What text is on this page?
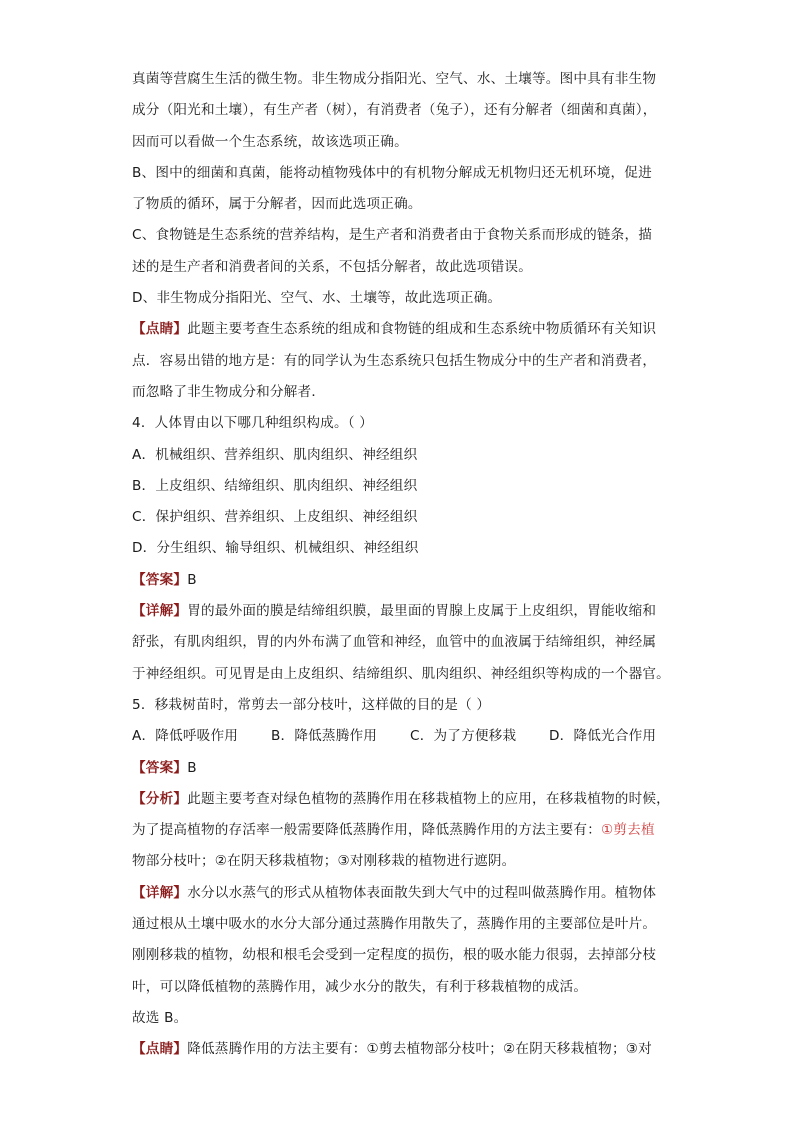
真菌等营腐生生活的微生物。非生物成分指阳光、空气、水、土壤等。图中具有非生物
成分（阳光和土壤），有生产者（树），有消费者（兔子），还有分解者（细菌和真菌），
因而可以看做一个生态系统，故该选项正确。
B、图中的细菌和真菌，能将动植物残体中的有机物分解成无机物归还无机环境，促进
了物质的循环，属于分解者，因而此选项正确。
C、食物链是生态系统的营养结构，是生产者和消费者由于食物关系而形成的链条，描
述的是生产者和消费者间的关系，不包括分解者，故此选项错误。
D、非生物成分指阳光、空气、水、土壤等，故此选项正确。
【点睛】此题主要考查生态系统的组成和食物链的组成和生态系统中物质循环有关知识
点．容易出错的地方是：有的同学认为生态系统只包括生物成分中的生产者和消费者，
而忽略了非生物成分和分解者．
4．人体胃由以下哪几种组织构成。（ ）
A．机械组织、营养组织、肌肉组织、神经组织
B．上皮组织、结缔组织、肌肉组织、神经组织
C．保护组织、营养组织、上皮组织、神经组织
D．分生组织、输导组织、机械组织、神经组织
【答案】B
【详解】胃的最外面的膜是结缔组织膜，最里面的胃腺上皮属于上皮组织，胃能收缩和
舒张，有肌肉组织，胃的内外布满了血管和神经，血管中的血液属于结缔组织，神经属
于神经组织。可见胃是由上皮组织、结缔组织、肌肉组织、神经组织等构成的一个器官。
5．移栽树苗时，常剪去一部分枝叶，这样做的目的是（ ）
A．降低呼吸作用	B．降低蒸腾作用	C．为了方便移栽	D．降低光合作用
【答案】B
【分析】此题主要考查对绿色植物的蒸腾作用在移栽植物上的应用，在移栽植物的时候，
为了提高植物的存活率一般需要降低蒸腾作用，降低蒸腾作用的方法主要有：①剪去植
物部分枝叶；②在阴天移栽植物；③对刚移栽的植物进行遮阴。
【详解】水分以水蒸气的形式从植物体表面散失到大气中的过程叫做蒸腾作用。植物体
通过根从土壤中吸水的水分大部分通过蒸腾作用散失了，蒸腾作用的主要部位是叶片。
刚刚移栽的植物，幼根和根毛会受到一定程度的损伤，根的吸水能力很弱，去掉部分枝
叶，可以降低植物的蒸腾作用，减少水分的散失，有利于移栽植物的成活。
故选 B。
【点睛】降低蒸腾作用的方法主要有：①剪去植物部分枝叶；②在阴天移栽植物；③对
